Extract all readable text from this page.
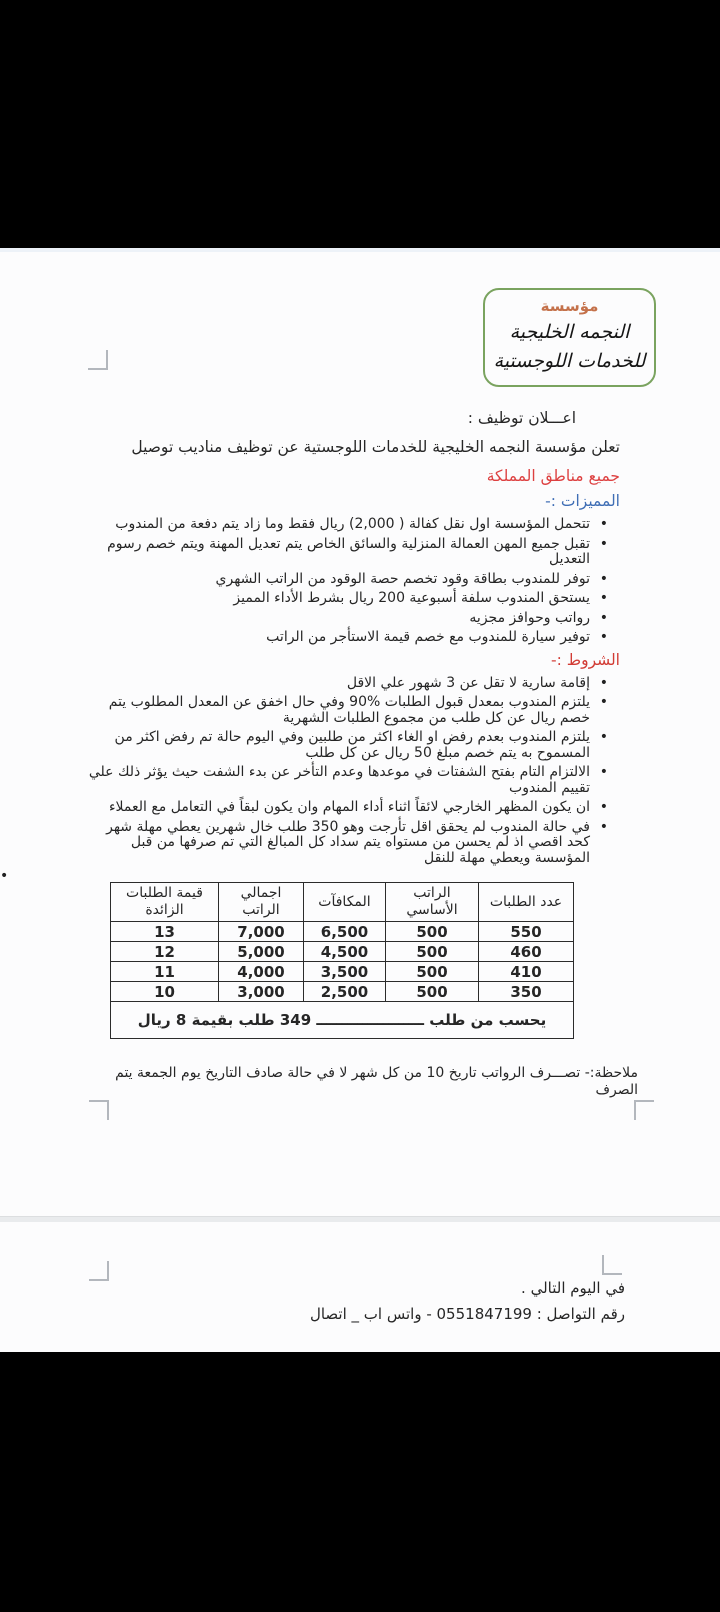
مؤسسة
النجمه الخليجية
للخدمات اللوجستية

اعـــلان توظيف :

تعلن مؤسسة النجمه الخليجية للخدمات اللوجستية عن توظيف مناديب توصيل

جميع مناطق المملكة

المميزات :-

• تتحمل المؤسسة اول نقل كفالة ( 2,000) ريال فقط وما زاد يتم دفعة من المندوب
• تقبل جميع المهن العمالة المنزلية والسائق الخاص يتم تعديل المهنة ويتم خصم رسوم التعديل
• توفر للمندوب بطاقة وقود تخصم حصة الوقود من الراتب الشهري
• يستحق المندوب سلفة أسبوعية 200 ريال بشرط الأداء المميز
• رواتب وحوافز مجزيه
• توفير سيارة للمندوب مع خصم قيمة الاستأجر من الراتب

الشروط :-

• إقامة سارية لا تقل عن 3 شهور علي الاقل
• يلتزم المندوب بمعدل قبول الطلبات %90 وفي حال اخفق عن المعدل المطلوب يتم خصم ريال عن كل طلب من مجموع الطلبات الشهرية
• يلتزم المندوب بعدم رفض او الغاء اكثر من طلبين وفي اليوم حالة تم رفض اكثر من المسموح به يتم خصم مبلغ 50 ريال عن كل طلب
• الالتزام التام بفتح الشفتات في موعدها وعدم التأخر عن بدء الشفت حيث يؤثر ذلك علي تقييم المندوب
• ان يكون المظهر الخارجي لائقاً اثناء أداء المهام وان يكون لبقاً في التعامل مع العملاء
• في حالة المندوب لم يحقق اقل تأرجت وهو 350 طلب خال شهرين يعطي مهلة شهر كحد اقصي اذ لم يحسن من مستواه يتم سداد كل المبالغ التي تم صرفها من قبل المؤسسة ويعطي مهلة للنقل
•
عدد الطلبات	الراتب الأساسي	المكافآت	اجمالي الراتب	قيمة الطلبات الزائدة
550	500	6,500	7,000	13
460	500	4,500	5,000	12
410	500	3,500	4,000	11
350	500	2,500	3,000	10
يحسب من طلب ـــــــــــــــــــــ 349 طلب بقيمة 8 ريال				
ملاحظة:- تصـــرف الرواتب تاريخ 10 من كل شهر لا في حالة صادف التاريخ يوم الجمعة يتم الصرف

في اليوم التالي .

رقم التواصل : 0551847199 - واتس اب _ اتصال
